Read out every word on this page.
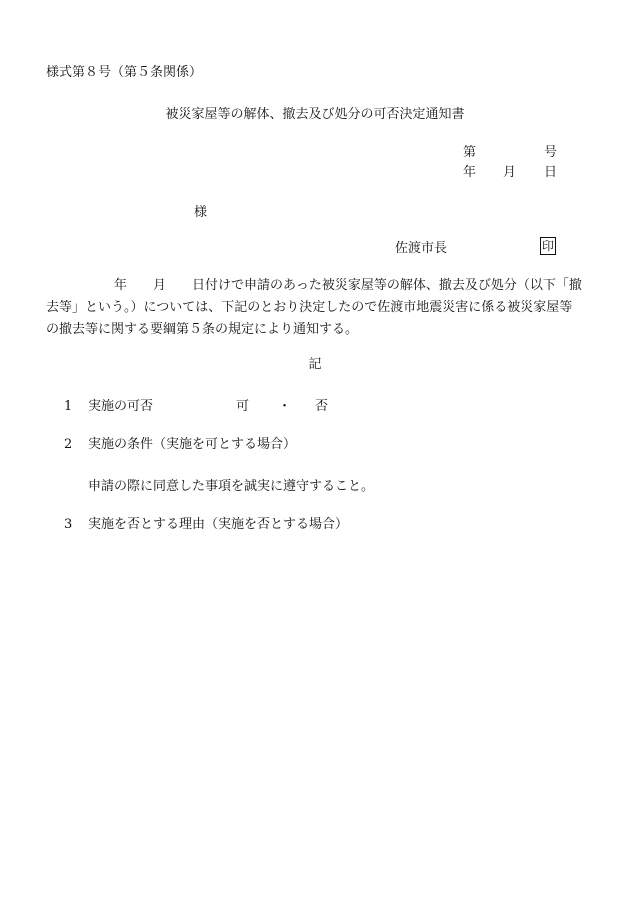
様式第８号（第５条関係）
被災家屋等の解体、撤去及び処分の可否決定通知書
第	号
年 月 日
様
佐渡市長	印
年　　月　　日付けで申請のあった被災家屋等の解体、撤去及び処分（以下「撤
去等」という。）については、下記のとおり決定したので佐渡市地震災害に係る被災家屋等
の撤去等に関する要綱第５条の規定により通知する。
記
1 実施の可否	可 ・ 否
2 実施の条件（実施を可とする場合）
申請の際に同意した事項を誠実に遵守すること。
3 実施を否とする理由（実施を否とする場合）
